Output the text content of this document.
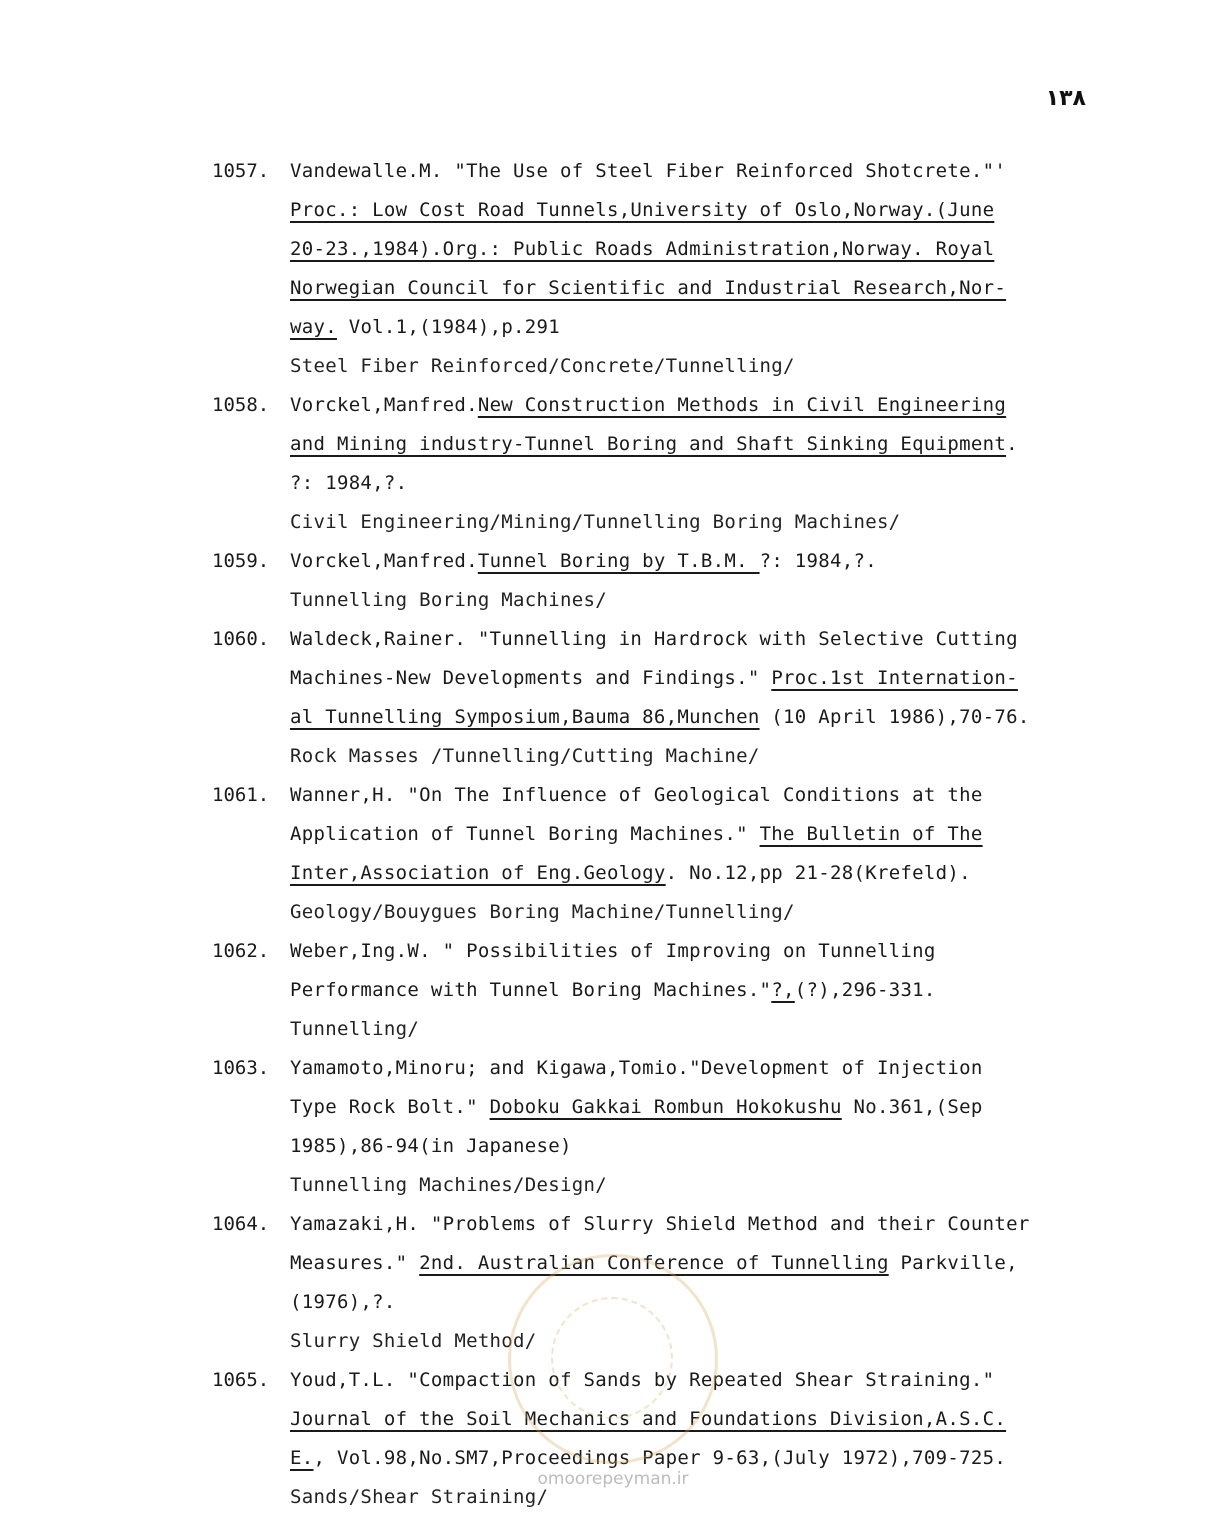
۱۳۸
1057.	Vandewalle.M. "The Use of Steel Fiber Reinforced Shotcrete."'
Proc.: Low Cost Road Tunnels,University of Oslo,Norway.(June
20-23.,1984).Org.: Public Roads Administration,Norway. Royal
Norwegian Council for Scientific and Industrial Research,Nor-
way. Vol.1,(1984),p.291
Steel Fiber Reinforced/Concrete/Tunnelling/
1058.	Vorckel,Manfred.New Construction Methods in Civil Engineering
and Mining industry-Tunnel Boring and Shaft Sinking Equipment.
?: 1984,?.
Civil Engineering/Mining/Tunnelling Boring Machines/
1059.	Vorckel,Manfred.Tunnel Boring by T.B.M. ?: 1984,?.
Tunnelling Boring Machines/
1060.	Waldeck,Rainer. "Tunnelling in Hardrock with Selective Cutting
Machines-New Developments and Findings." Proc.1st Internation-
al Tunnelling Symposium,Bauma 86,Munchen (10 April 1986),70-76.
Rock Masses /Tunnelling/Cutting Machine/
1061.	Wanner,H. "On The Influence of Geological Conditions at the
Application of Tunnel Boring Machines." The Bulletin of The
Inter,Association of Eng.Geology. No.12,pp 21-28(Krefeld).
Geology/Bouygues Boring Machine/Tunnelling/
1062.	Weber,Ing.W. " Possibilities of Improving on Tunnelling
Performance with Tunnel Boring Machines."?,(?),296-331.
Tunnelling/
1063.	Yamamoto,Minoru; and Kigawa,Tomio."Development of Injection
Type Rock Bolt." Doboku Gakkai Rombun Hokokushu No.361,(Sep
1985),86-94(in Japanese)
Tunnelling Machines/Design/
1064.	Yamazaki,H. "Problems of Slurry Shield Method and their Counter
Measures." 2nd. Australian Conference of Tunnelling Parkville,
(1976),?.
Slurry Shield Method/
1065.	Youd,T.L. "Compaction of Sands by Repeated Shear Straining."
Journal of the Soil Mechanics and Foundations Division,A.S.C.
E., Vol.98,No.SM7,Proceedings Paper 9-63,(July 1972),709-725.
Sands/Shear Straining/
omoorepeyman.ir
